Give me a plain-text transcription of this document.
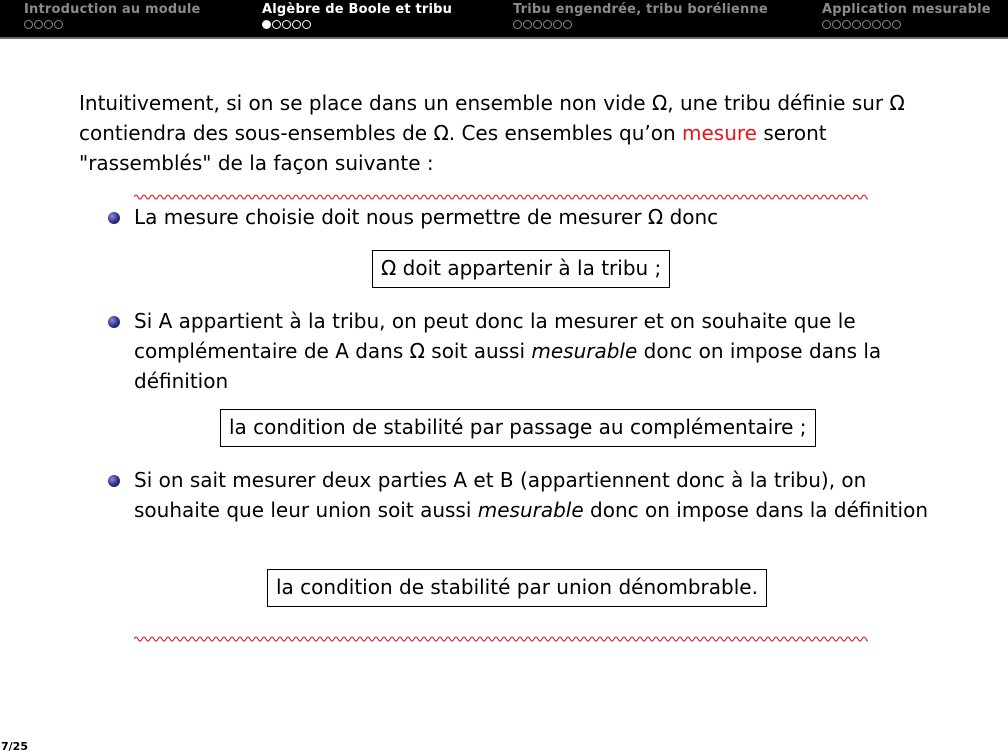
Introduction au module	Algèbre de Boole et tribu	Tribu engendrée, tribu borélienne	Application mesurable

Intuitivement, si on se place dans un ensemble non vide Ω, une tribu définie sur Ω contiendra des sous-ensembles de Ω. Ces ensembles qu’on mesure seront "rassemblés" de la façon suivante :

La mesure choisie doit nous permettre de mesurer Ω donc

Ω doit appartenir à la tribu ;

Si A appartient à la tribu, on peut donc la mesurer et on souhaite que le complémentaire de A dans Ω soit aussi mesurable donc on impose dans la définition

la condition de stabilité par passage au complémentaire ;

Si on sait mesurer deux parties A et B (appartiennent donc à la tribu), on souhaite que leur union soit aussi mesurable donc on impose dans la définition

la condition de stabilité par union dénombrable.
7/25
